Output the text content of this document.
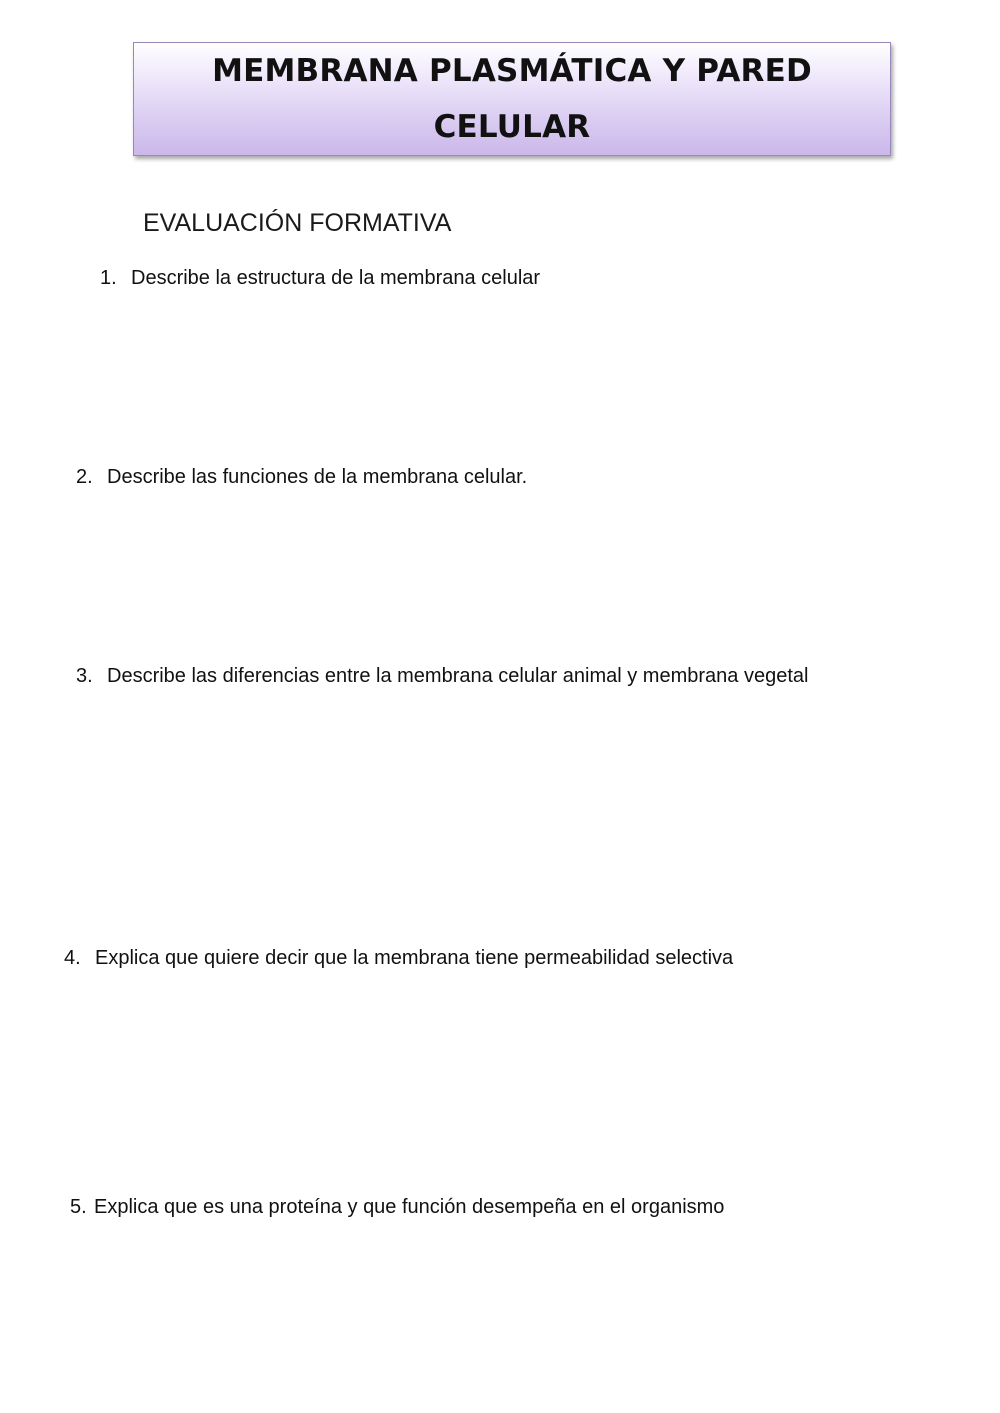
MEMBRANA PLASMÁTICA Y PARED
CELULAR
EVALUACIÓN FORMATIVA
1. Describe la estructura de la membrana celular
2. Describe las funciones de la membrana celular.
3. Describe las diferencias entre la membrana celular animal y membrana vegetal
4. Explica que quiere decir que la membrana tiene permeabilidad selectiva
5. Explica que es una proteína y que función desempeña en el organismo
